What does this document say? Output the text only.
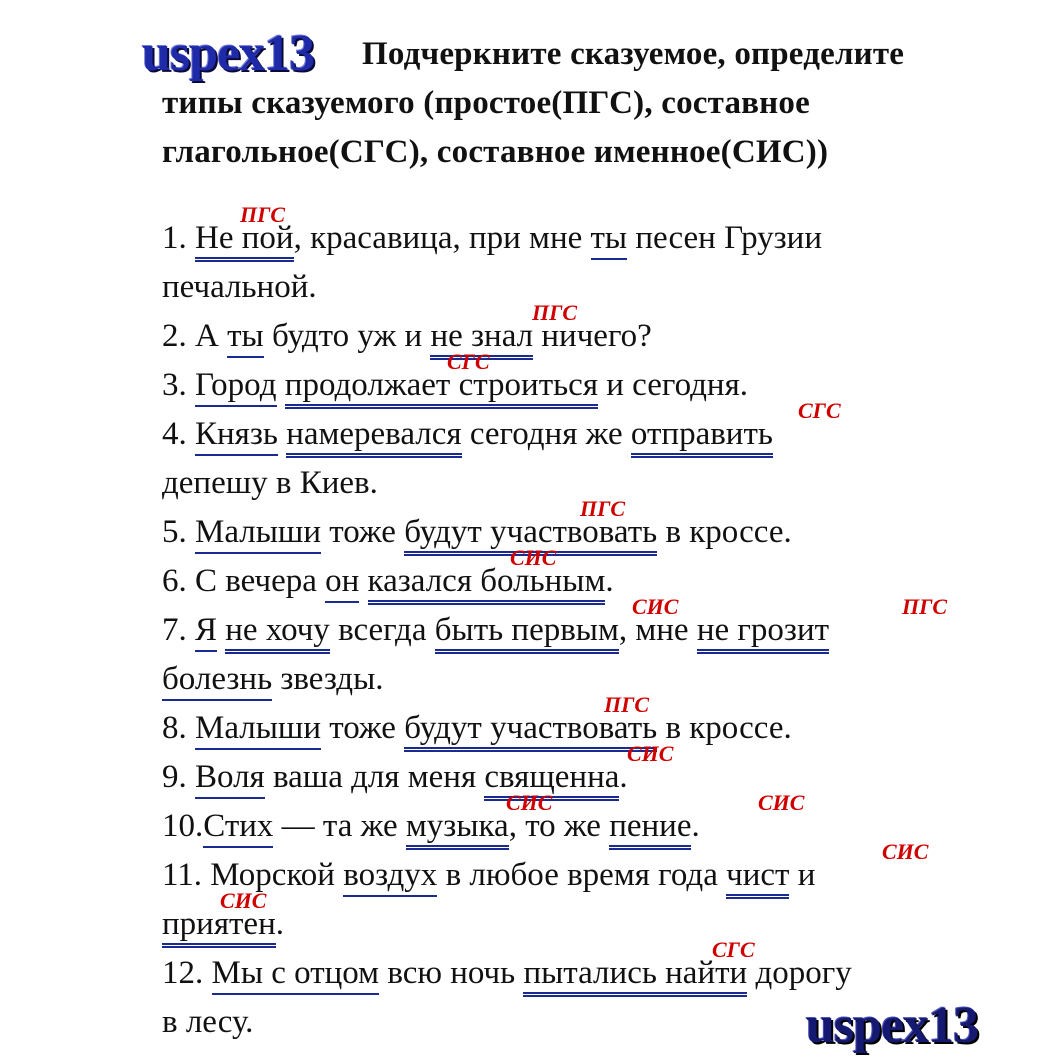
uspex13	Подчеркните сказуемое, определите
типы сказуемого (простое(ПГС), составное
глагольное(СГС), составное именное(СИС))
1. Не пой, красавица, при мне ты песен Грузии
ПГС
печальной.
2. А ты будто уж и не знал ничего?
ПГС
3. Город продолжает строиться и сегодня.
СГС
4. Князь намеревался сегодня же отправить
СГС
депешу в Киев.
5. Малыши тоже будут участвовать в кроссе.
ПГС
6. С вечера он казался больным.
СИС
7. Я не хочу всегда быть первым, мне не грозит
СИС	ПГС
болезнь звезды.
8. Малыши тоже будут участвовать в кроссе.
ПГС
9. Воля ваша для меня священна.
СИС
10.Стих — та же музыка, то же пение.
СИС	СИС
11. Морской воздух в любое время года чист и
СИС
приятен.
СИС
12. Мы с отцом всю ночь пытались найти дорогу
СГС
в лесу.	uspex13
